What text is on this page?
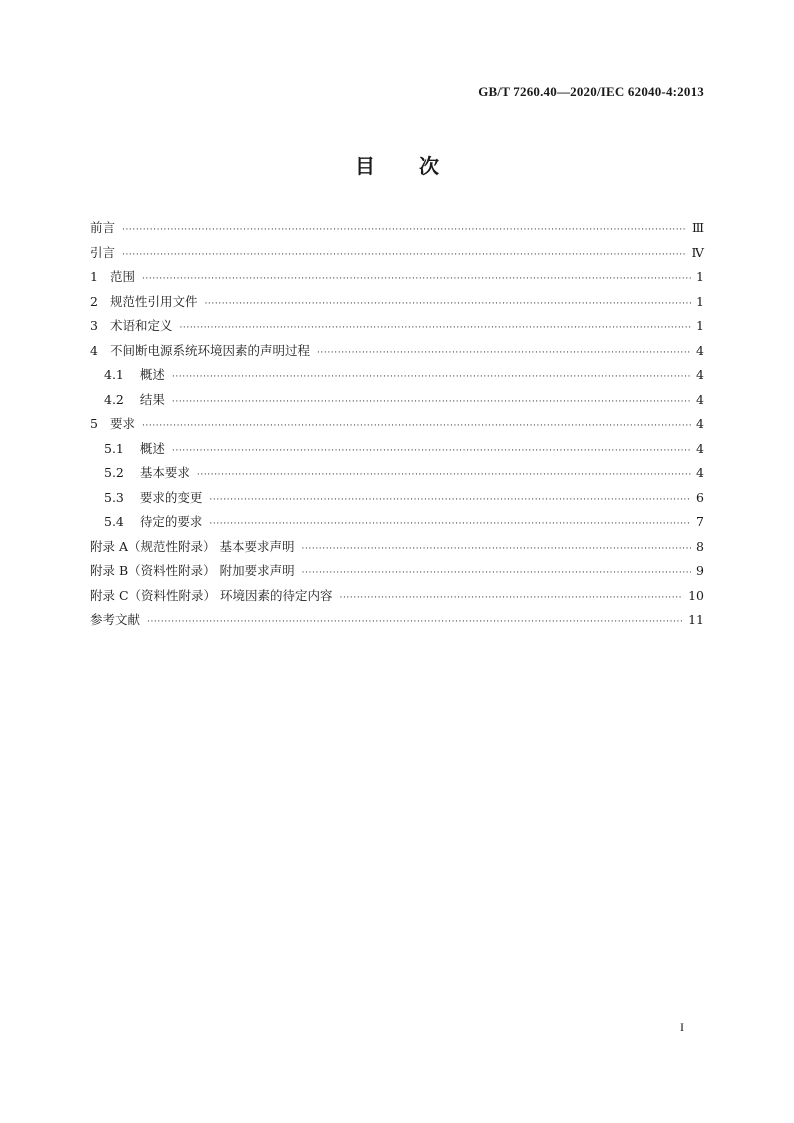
GB/T 7260.40—2020/IEC 62040-4:2013
目 次
前言 ·····	Ⅲ
引言 ·····	Ⅳ
1 范围 ·····	1
2 规范性引用文件 ·····	1
3 术语和定义 ·····	1
4 不间断电源系统环境因素的声明过程 ·····	4
4.1 概述 ·····	4
4.2 结果 ·····	4
5 要求 ·····	4
5.1 概述 ·····	4
5.2 基本要求 ·····	4
5.3 要求的变更 ·····	6
5.4 待定的要求 ·····	7
附录 A（规范性附录） 基本要求声明 ·····	8
附录 B（资料性附录） 附加要求声明 ·····	9
附录 C（资料性附录） 环境因素的待定内容 ·····	10
参考文献 ·····	11
I
